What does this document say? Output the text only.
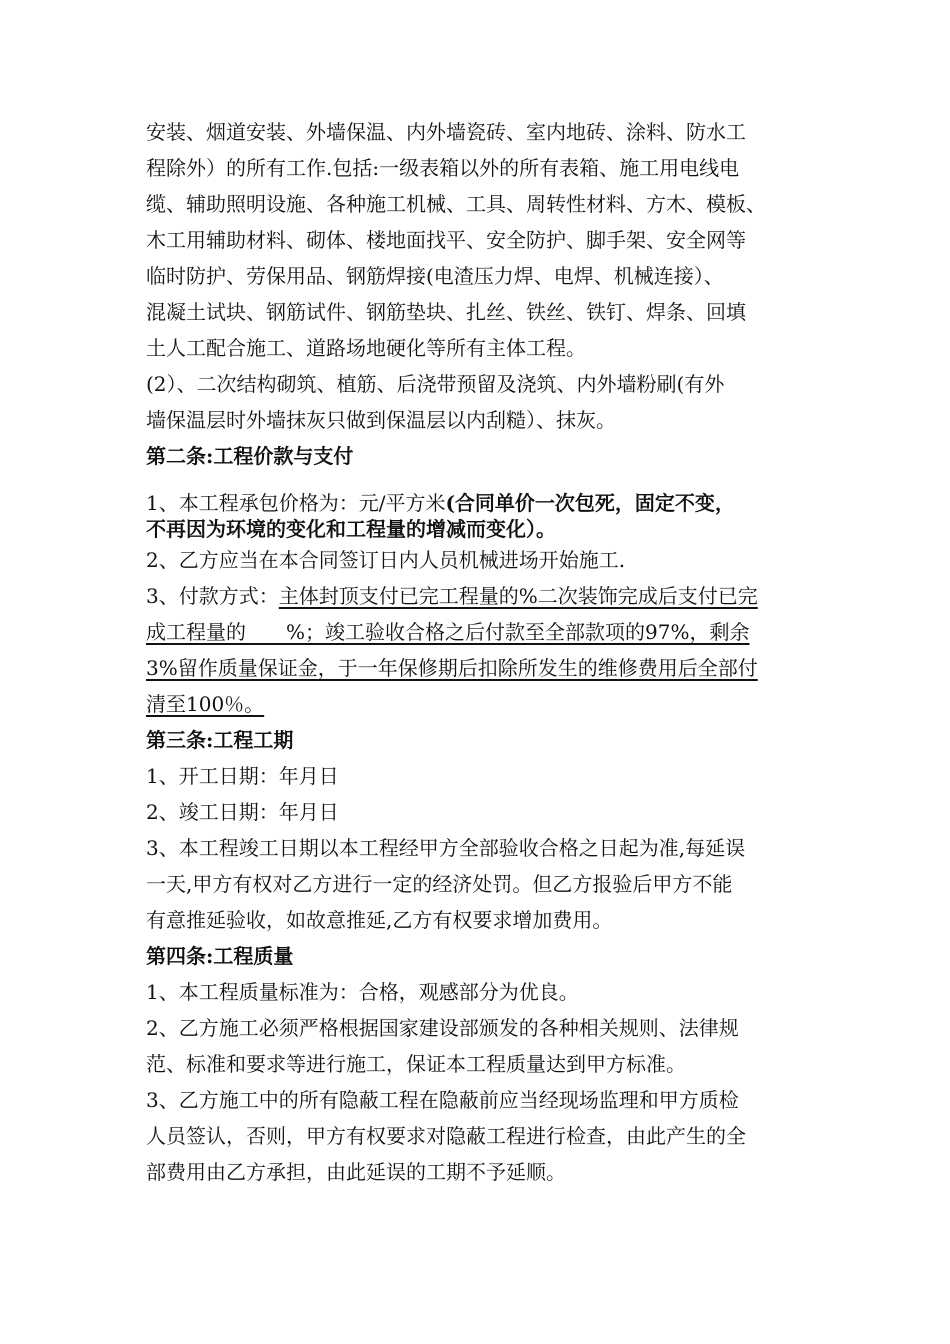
安装、烟道安装、外墙保温、内外墙瓷砖、室内地砖、涂料、防水工
程除外）的所有工作.包括:一级表箱以外的所有表箱、施工用电线电
缆、辅助照明设施、各种施工机械、工具、周转性材料、方木、模板、
木工用辅助材料、砌体、楼地面找平、安全防护、脚手架、安全网等
临时防护、劳保用品、钢筋焊接(电渣压力焊、电焊、机械连接）、
混凝土试块、钢筋试件、钢筋垫块、扎丝、铁丝、铁钉、焊条、回填
土人工配合施工、道路场地硬化等所有主体工程。
(2）、二次结构砌筑、植筋、后浇带预留及浇筑、内外墙粉刷(有外
墙保温层时外墙抹灰只做到保温层以内刮糙）、抹灰。
第二条:工程价款与支付
1、本工程承包价格为：元/平方米(合同单价一次包死，固定不变，
不再因为环境的变化和工程量的增减而变化）。
2、乙方应当在本合同签订日内人员机械进场开始施工.
3、付款方式：主体封顶支付已完工程量的%二次装饰完成后支付已完
成工程量的　　%；竣工验收合格之后付款至全部款项的97%，剩余
3%留作质量保证金，于一年保修期后扣除所发生的维修费用后全部付
清至100％。
第三条:工程工期
1、开工日期：年月日
2、竣工日期：年月日
3、本工程竣工日期以本工程经甲方全部验收合格之日起为准,每延误
一天,甲方有权对乙方进行一定的经济处罚。但乙方报验后甲方不能
有意推延验收，如故意推延,乙方有权要求增加费用。
第四条:工程质量
1、本工程质量标准为：合格，观感部分为优良。
2、乙方施工必须严格根据国家建设部颁发的各种相关规则、法律规
范、标准和要求等进行施工，保证本工程质量达到甲方标准。
3、乙方施工中的所有隐蔽工程在隐蔽前应当经现场监理和甲方质检
人员签认，否则，甲方有权要求对隐蔽工程进行检查，由此产生的全
部费用由乙方承担，由此延误的工期不予延顺。
